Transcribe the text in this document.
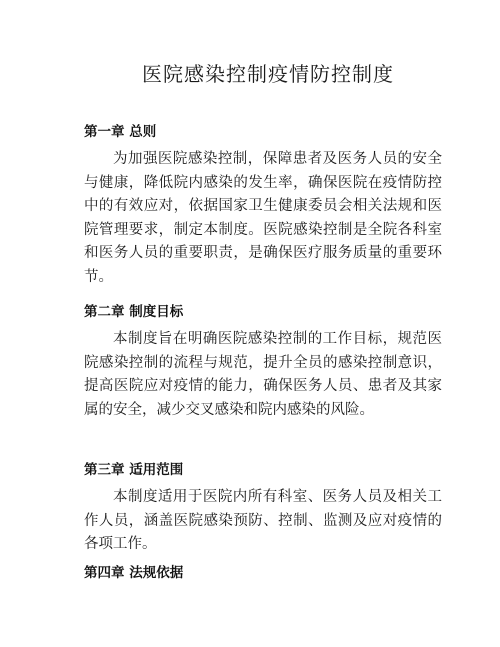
医院感染控制疫情防控制度
第一章 总则

为加强医院感染控制，保障患者及医务人员的安全与健康，降低院内感染的发生率，确保医院在疫情防控中的有效应对，依据国家卫生健康委员会相关法规和医院管理要求，制定本制度。医院感染控制是全院各科室和医务人员的重要职责，是确保医疗服务质量的重要环节。

第二章 制度目标

本制度旨在明确医院感染控制的工作目标，规范医院感染控制的流程与规范，提升全员的感染控制意识，提高医院应对疫情的能力，确保医务人员、患者及其家属的安全，减少交叉感染和院内感染的风险。

第三章 适用范围

本制度适用于医院内所有科室、医务人员及相关工作人员，涵盖医院感染预防、控制、监测及应对疫情的各项工作。

第四章 法规依据
